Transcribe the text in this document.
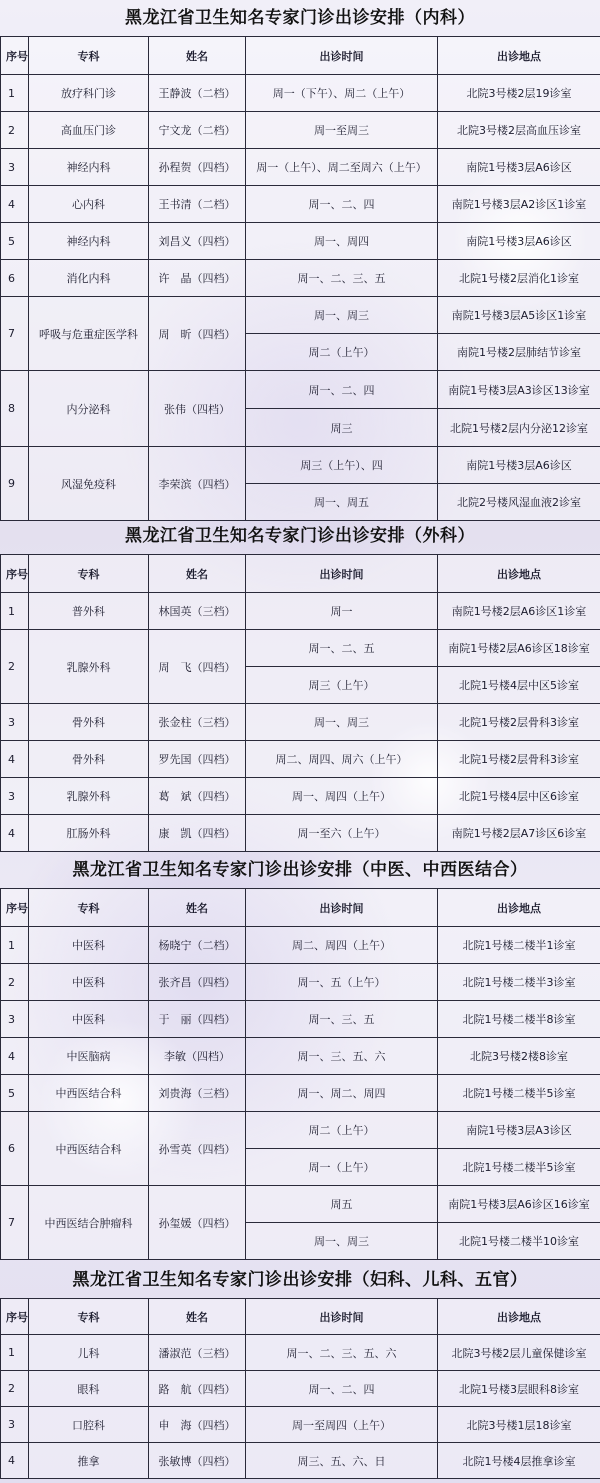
黑龙江省卫生知名专家门诊出诊安排（内科）
序号	专科	姓名	出诊时间	出诊地点
1	放疗科门诊	王静波（二档）	周一（下午）、周二（上午）	北院3号楼2层19诊室
2	高血压门诊	宁文龙（二档）	周一至周三	北院3号楼2层高血压诊室
3	神经内科	孙程贺（四档）	周一（上午）、周二至周六（上午）	南院1号楼3层A6诊区
4	心内科	王书清（二档）	周一、二、四	南院1号楼3层A2诊区1诊室
5	神经内科	刘昌义（四档）	周一、周四	南院1号楼3层A6诊区
6	消化内科	许　晶（四档）	周一、二、三、五	北院1号楼2层消化1诊室
7	呼吸与危重症医学科	周　昕（四档）	周一、周三	南院1号楼3层A5诊区1诊室
			周二（上午）	南院1号楼2层肺结节诊室
8	内分泌科	张伟（四档）	周一、二、四	南院1号楼3层A3诊区13诊室
			周三	北院1号楼2层内分泌12诊室
9	风湿免疫科	李荣滨（四档）	周三（上午）、四	南院1号楼3层A6诊区
			周一、周五	北院2号楼风湿血液2诊室
黑龙江省卫生知名专家门诊出诊安排（外科）
序号	专科	姓名	出诊时间	出诊地点
1	普外科	林国英（三档）	周一	南院1号楼2层A6诊区1诊室
2	乳腺外科	周　飞（四档）	周一、二、五	南院1号楼2层A6诊区18诊室
			周三（上午）	北院1号楼4层中区5诊室
3	骨外科	张金柱（三档）	周一、周三	北院1号楼2层骨科3诊室
4	骨外科	罗先国（四档）	周二、周四、周六（上午）	北院1号楼2层骨科3诊室
3	乳腺外科	葛　斌（四档）	周一、周四（上午）	北院1号楼4层中区6诊室
4	肛肠外科	康　凯（四档）	周一至六（上午）	南院1号楼2层A7诊区6诊室
黑龙江省卫生知名专家门诊出诊安排（中医、中西医结合）
序号	专科	姓名	出诊时间	出诊地点
1	中医科	杨晓宁（二档）	周二、周四（上午）	北院1号楼二楼半1诊室
2	中医科	张齐昌（四档）	周一、五（上午）	北院1号楼二楼半3诊室
3	中医科	于　丽（四档）	周一、三、五	北院1号楼二楼半8诊室
4	中医脑病	李敏（四档）	周一、三、五、六	北院3号楼2楼8诊室
5	中西医结合科	刘贵海（三档）	周一、周二、周四	北院1号楼二楼半5诊室
6	中西医结合科	孙雪英（四档）	周二（上午）	南院1号楼3层A3诊区
			周一（上午）	北院1号楼二楼半5诊室
7	中西医结合肿瘤科	孙玺媛（四档）	周五	南院1号楼3层A6诊区16诊室
			周一、周三	北院1号楼二楼半10诊室
黑龙江省卫生知名专家门诊出诊安排（妇科、儿科、五官）
序号	专科	姓名	出诊时间	出诊地点
1	儿科	潘淑范（三档）	周一、二、三、五、六	北院3号楼2层儿童保健诊室
2	眼科	路　航（四档）	周一、二、四	北院1号楼3层眼科8诊室
3	口腔科	申　海（四档）	周一至周四（上午）	北院3号楼1层18诊室
4	推拿	张敏博（四档）	周三、五、六、日	北院1号楼4层推拿诊室
